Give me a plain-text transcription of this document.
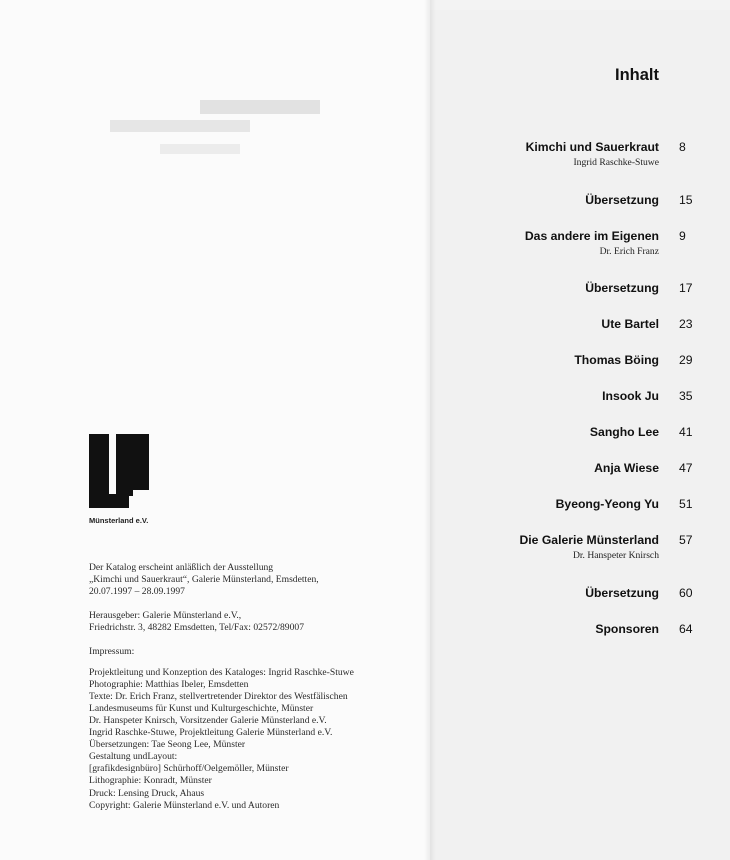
Münsterland e.V.

Der Katalog erscheint anläßlich der Ausstellung

„Kimchi und Sauerkraut“, Galerie Münsterland, Emsdetten,

20.07.1997 – 28.09.1997

Herausgeber: Galerie Münsterland e.V.,

Friedrichstr. 3, 48282 Emsdetten, Tel/Fax: 02572/89007

Impressum:

Projektleitung und Konzeption des Kataloges: Ingrid Raschke-Stuwe

Photographie: Matthias Ibeler, Emsdetten

Texte: Dr. Erich Franz, stellvertretender Direktor des Westfälischen

Landesmuseums für Kunst und Kulturgeschichte, Münster

Dr. Hanspeter Knirsch, Vorsitzender Galerie Münsterland e.V.

Ingrid Raschke-Stuwe, Projektleitung Galerie Münsterland e.V.

Übersetzungen: Tae Seong Lee, Münster

Gestaltung undLayout:

[grafikdesignbüro] Schürhoff/Oelgemöller, Münster

Lithographie: Konradt, Münster

Druck: Lensing Druck, Ahaus

Copyright: Galerie Münsterland e.V. und Autoren

Inhalt
Kimchi und Sauerkraut 8
Ingrid Raschke-Stuwe
Übersetzung 15
Das andere im Eigenen 9
Dr. Erich Franz
Übersetzung 17
Ute Bartel 23
Thomas Böing 29
Insook Ju 35
Sangho Lee 41
Anja Wiese 47
Byeong-Yeong Yu 51
Die Galerie Münsterland 57
Dr. Hanspeter Knirsch
Übersetzung 60
Sponsoren 64
